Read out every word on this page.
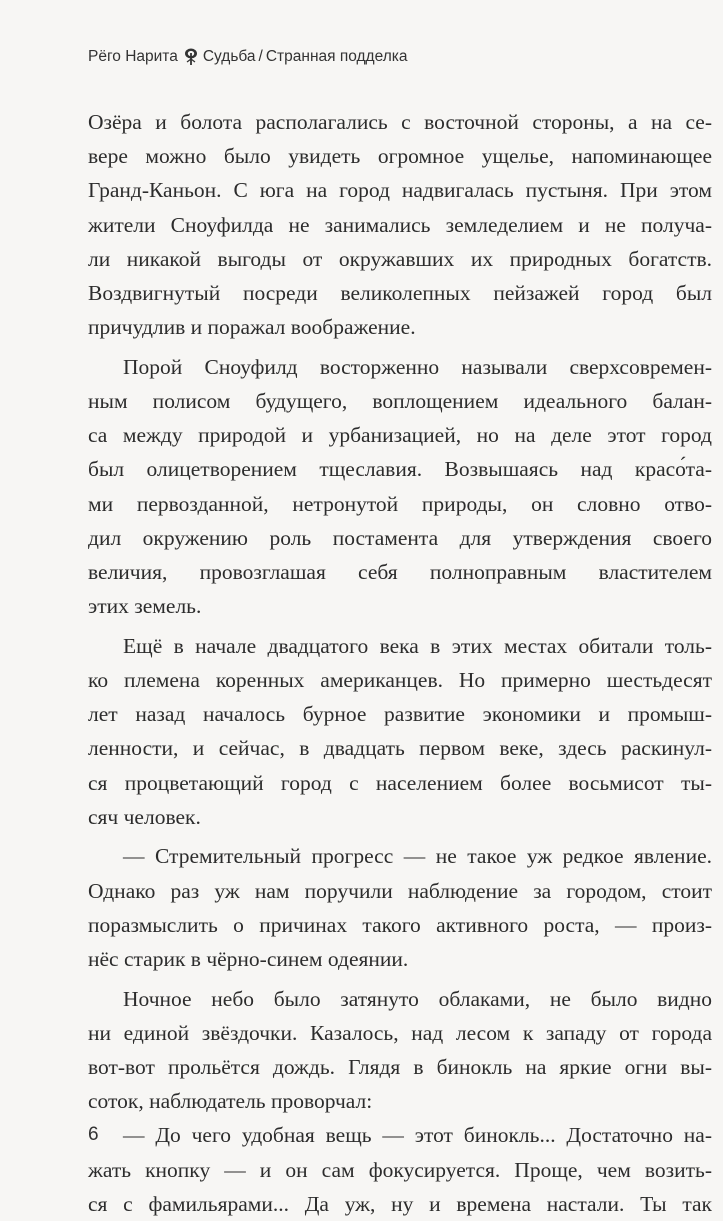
Рёго Нарита Судьба / Странная подделка
Озёра и болота располагались с восточной стороны, а на се-
вере можно было увидеть огромное ущелье, напоминающее
Гранд-Каньон. С юга на город надвигалась пустыня. При этом
жители Сноуфилда не занимались земледелием и не получа-
ли никакой выгоды от окружавших их природных богатств.
Воздвигнутый посреди великолепных пейзажей город был
причудлив и поражал воображение.
Порой Сноуфилд восторженно называли сверхсовремен-
ным полисом будущего, воплощением идеального балан-
са между природой и урбанизацией, но на деле этот город
был олицетворением тщеславия. Возвышаясь над красо́та-
ми первозданной, нетронутой природы, он словно отво-
дил окружению роль постамента для утверждения своего
величия, провозглашая себя полноправным властителем
этих земель.
Ещё в начале двадцатого века в этих местах обитали толь-
ко племена коренных американцев. Но примерно шестьдесят
лет назад началось бурное развитие экономики и промыш-
ленности, и сейчас, в двадцать первом веке, здесь раскинул-
ся процветающий город с населением более восьмисот ты-
сяч человек.
— Стремительный прогресс — не такое уж редкое явление.
Однако раз уж нам поручили наблюдение за городом, стоит
поразмыслить о причинах такого активного роста, — произ-
нёс старик в чёрно-синем одеянии.
Ночное небо было затянуто облаками, не было видно
ни единой звёздочки. Казалось, над лесом к западу от города
вот-вот прольётся дождь. Глядя в бинокль на яркие огни вы-
соток, наблюдатель проворчал:
— До чего удобная вещь — этот бинокль... Достаточно на-
жать кнопку — и он сам фокусируется. Проще, чем возить-
ся с фамильярами... Да уж, ну и времена настали. Ты так
6
